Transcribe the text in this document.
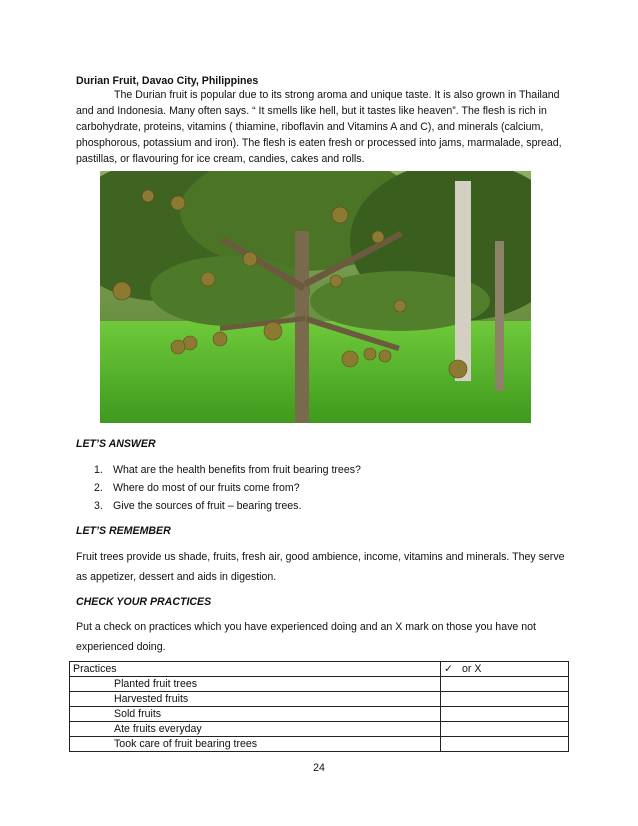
Durian Fruit, Davao City, Philippines

The Durian fruit is popular due to its strong aroma and unique taste. It is also grown in Thailand and and Indonesia. Many often says. “ It smells like hell, but it tastes like heaven”. The flesh is rich in carbohydrate, proteins, vitamins ( thiamine, riboflavin and Vitamins A and C), and minerals (calcium, phosphorous, potassium and iron). The flesh is eaten fresh or processed into jams, marmalade, spread, pastillas, or flavouring for ice cream, candies, cakes and rolls.

LET’S ANSWER

1. What are the health benefits from fruit bearing trees?
2. Where do most of our fruits come from?
3. Give the sources of fruit – bearing trees.

LET’S REMEMBER

Fruit trees provide us shade, fruits, fresh air, good ambience, income, vitamins and minerals. They serve as appetizer, dessert and aids in digestion.

CHECK YOUR PRACTICES

Put a check on practices which you have experienced doing and an X mark on those you have not experienced doing.

Practices	✓ or X
Planted fruit trees	
Harvested fruits	
Sold fruits	
Ate fruits everyday	
Took care of fruit bearing trees	

24
